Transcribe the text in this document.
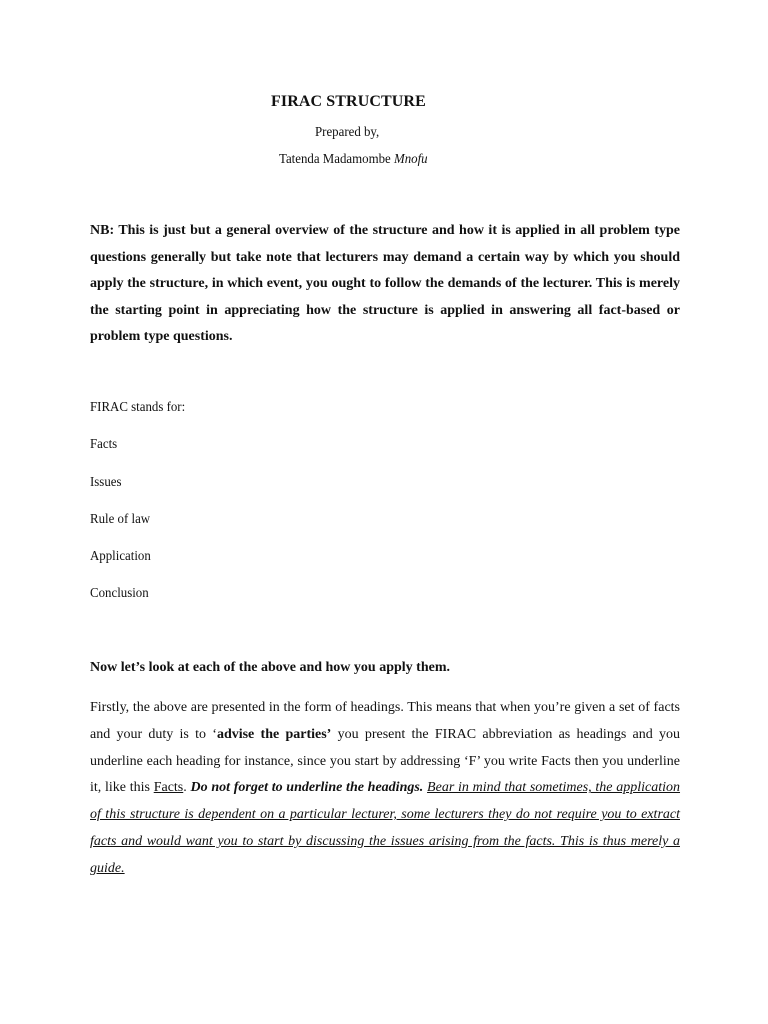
FIRAC STRUCTURE
Prepared by,
Tatenda Madamombe Mnofu
NB: This is just but a general overview of the structure and how it is applied in all problem type questions generally but take note that lecturers may demand a certain way by which you should apply the structure, in which event, you ought to follow the demands of the lecturer. This is merely the starting point in appreciating how the structure is applied in answering all fact-based or problem type questions.
FIRAC stands for:
Facts
Issues
Rule of law
Application
Conclusion
Now let’s look at each of the above and how you apply them.
Firstly, the above are presented in the form of headings. This means that when you’re given a set of facts and your duty is to ‘advise the parties’ you present the FIRAC abbreviation as headings and you underline each heading for instance, since you start by addressing ‘F’ you write Facts then you underline it, like this Facts. Do not forget to underline the headings. Bear in mind that sometimes, the application of this structure is dependent on a particular lecturer, some lecturers they do not require you to extract facts and would want you to start by discussing the issues arising from the facts. This is thus merely a guide.
